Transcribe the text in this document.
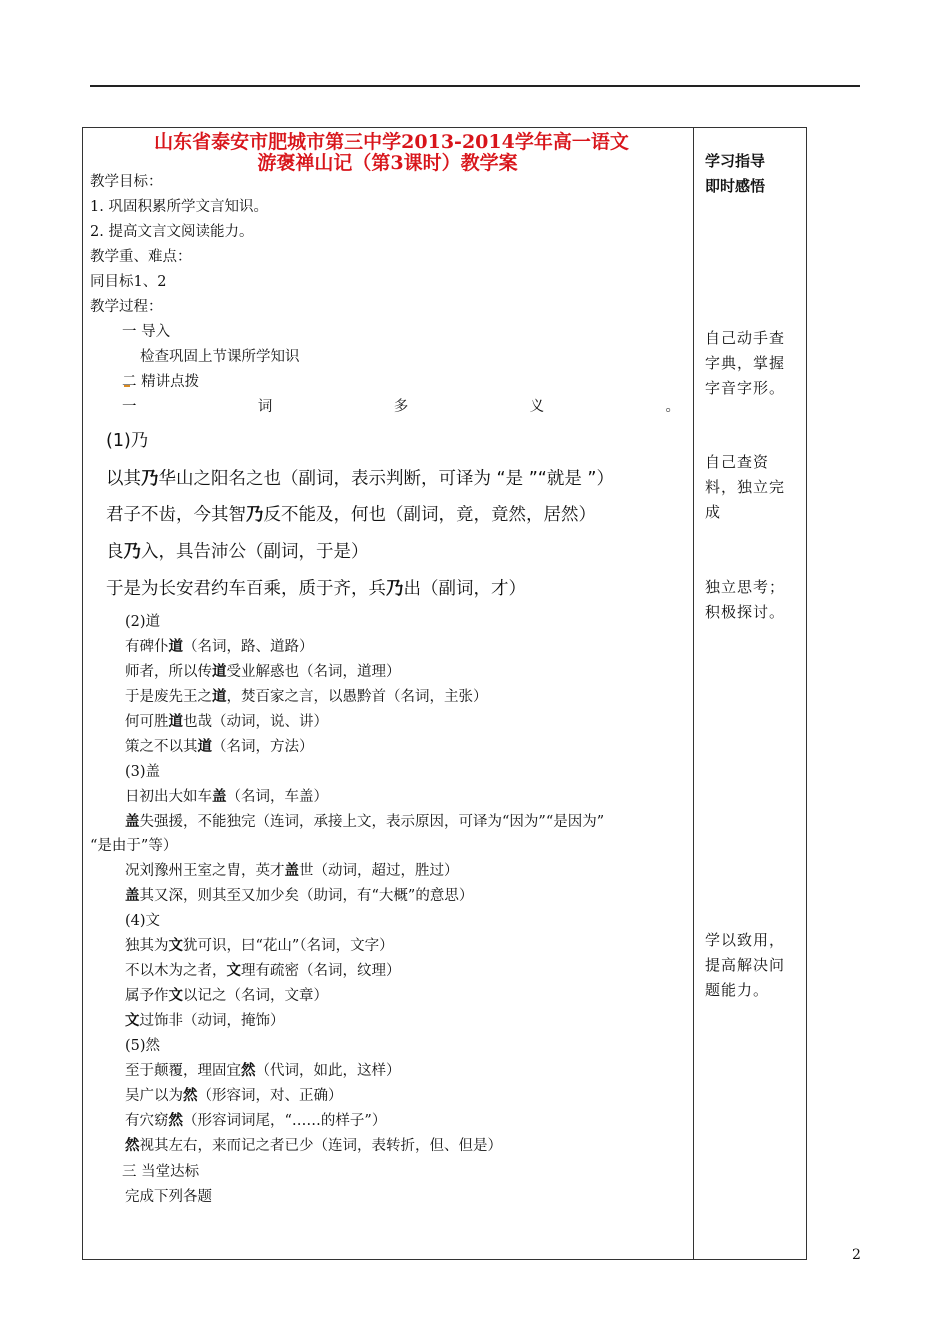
山东省泰安市肥城市第三中学2013-2014学年高一语文
游褒禅山记（第3课时）教学案
教学目标：
1. 巩固积累所学文言知识。
2. 提高文言文阅读能力。
教学重、难点：
同目标1、2
教学过程：
一 导入
检查巩固上节课所学知识
二 精讲点拨
一	词	多	义	。
(1)乃
以其乃华山之阳名之也（副词，表示判断，可译为 “是 ”“就是 ”）
君子不齿，今其智乃反不能及，何也（副词，竟，竟然，居然）
良乃入，具告沛公（副词，于是）
于是为长安君约车百乘，质于齐，兵乃出（副词，才）
(2)道
有碑仆道（名词，路、道路）
师者，所以传道受业解惑也（名词，道理）
于是废先王之道，焚百家之言，以愚黔首（名词，主张）
何可胜道也哉（动词，说、讲）
策之不以其道（名词，方法）
(3)盖
日初出大如车盖（名词，车盖）
盖失强援，不能独完（连词，承接上文，表示原因，可译为“因为”“是因为”
“是由于”等）
况刘豫州王室之胄，英才盖世（动词，超过，胜过）
盖其又深，则其至又加少矣（助词，有“大概”的意思）
(4)文
独其为文犹可识，曰“花山”（名词，文字）
不以木为之者，文理有疏密（名词，纹理）
属予作文以记之（名词，文章）
文过饰非（动词，掩饰）
(5)然
至于颠覆，理固宜然（代词，如此，这样）
吴广以为然（形容词，对、正确）
有穴窈然（形容词词尾，“……的样子”）
然视其左右，来而记之者已少（连词，表转折，但、但是）
三 当堂达标
完成下列各题
学习指导
即时感悟
自己动手查字典，掌握字音字形。
自己查资料，独立完成
独立思考；积极探讨。
学以致用，提高解决问题能力。
2
